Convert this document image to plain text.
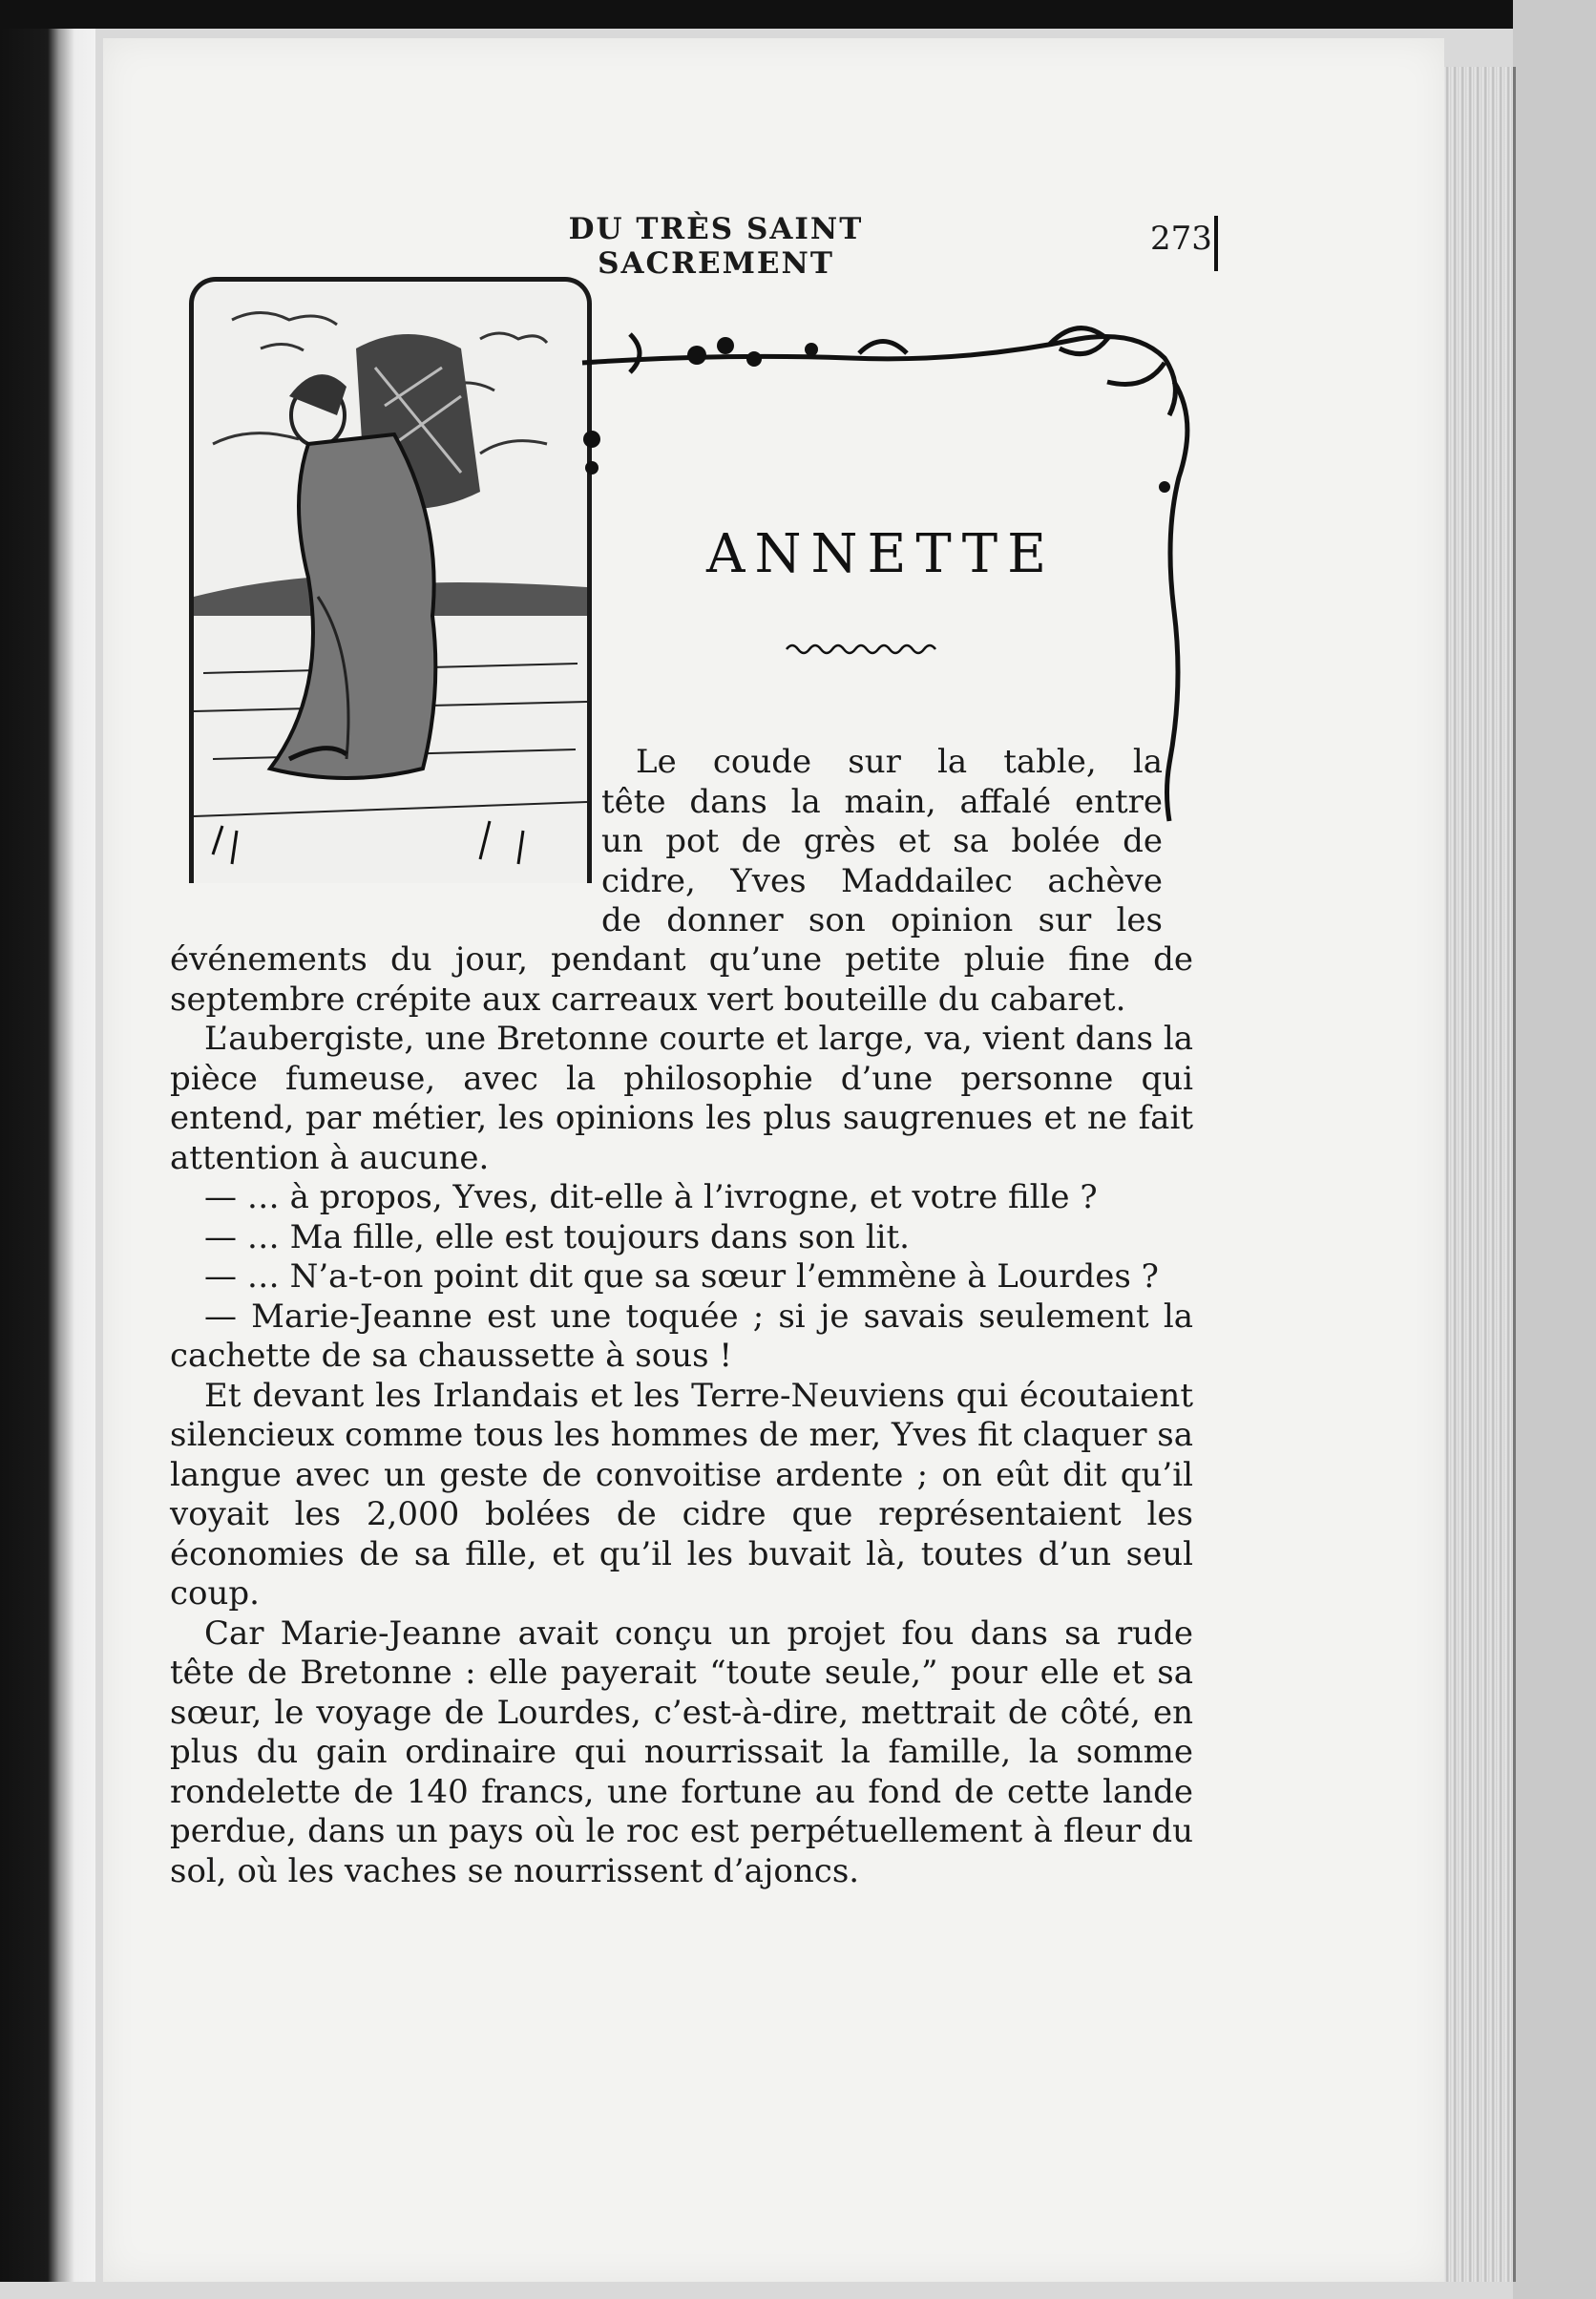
DU TRÈS SAINT SACREMENT
273
ANNETTE
Le coude sur la table, la
tête dans la main, affalé entre
un pot de grès et sa bolée de
cidre, Yves Maddailec achève
de donner son opinion sur les

événements du jour, pendant qu’une petite pluie fine de septembre crépite aux carreaux vert bouteille du cabaret.

L’aubergiste, une Bretonne courte et large, va, vient dans la pièce fumeuse, avec la philosophie d’une personne qui entend, par métier, les opinions les plus saugrenues et ne fait attention à aucune.

— … à propos, Yves, dit-elle à l’ivrogne, et votre fille ?

— … Ma fille, elle est toujours dans son lit.

— … N’a-t-on point dit que sa sœur l’emmène à Lourdes ?

— Marie-Jeanne est une toquée ; si je savais seulement la cachette de sa chaussette à sous !

Et devant les Irlandais et les Terre-Neuviens qui écoutaient silencieux comme tous les hommes de mer, Yves fit claquer sa langue avec un geste de convoitise ardente ; on eût dit qu’il voyait les 2,000 bolées de cidre que représentaient les économies de sa fille, et qu’il les buvait là, toutes d’un seul coup.

Car Marie-Jeanne avait conçu un projet fou dans sa rude tête de Bretonne : elle payerait “toute seule,” pour elle et sa sœur, le voyage de Lourdes, c’est-à-dire, mettrait de côté, en plus du gain ordinaire qui nourrissait la famille, la somme rondelette de 140 francs, une fortune au fond de cette lande perdue, dans un pays où le roc est perpétuellement à fleur du sol, où les vaches se nourrissent d’ajoncs.
